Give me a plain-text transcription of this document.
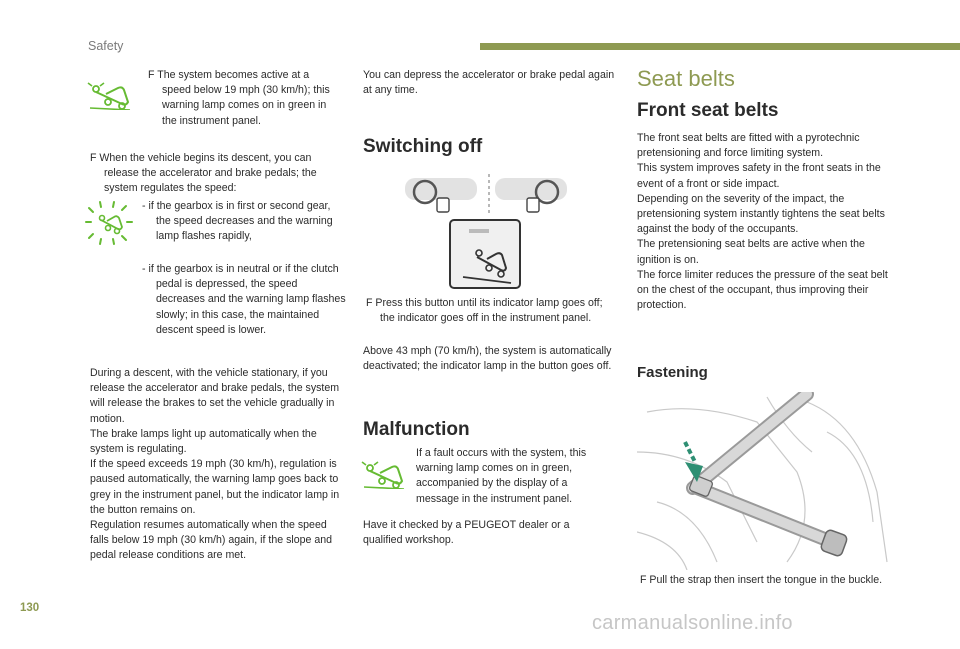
Safety

F The system becomes active at a speed below 19 mph (30 km/h); this warning lamp comes on in green in the instrument panel.

F When the vehicle begins its descent, you can release the accelerator and brake pedals; the system regulates the speed:

- if the gearbox is in first or second gear, the speed decreases and the warning lamp flashes rapidly,

- if the gearbox is in neutral or if the clutch pedal is depressed, the speed decreases and the warning lamp flashes slowly; in this case, the maintained descent speed is lower.

During a descent, with the vehicle stationary, if you release the accelerator and brake pedals, the system will release the brakes to set the vehicle gradually in motion.

The brake lamps light up automatically when the system is regulating.

If the speed exceeds 19 mph (30 km/h), regulation is paused automatically, the warning lamp goes back to grey in the instrument panel, but the indicator lamp in the button remains on.

Regulation resumes automatically when the speed falls below 19 mph (30 km/h) again, if the slope and pedal release conditions are met.

You can depress the accelerator or brake pedal again at any time.

Switching off

F Press this button until its indicator lamp goes off; the indicator goes off in the instrument panel.

Above 43 mph (70 km/h), the system is automatically deactivated; the indicator lamp in the button goes off.

Malfunction

If a fault occurs with the system, this warning lamp comes on in green, accompanied by the display of a message in the instrument panel.

Have it checked by a PEUGEOT dealer or a qualified workshop.

Seat belts
Front seat belts

The front seat belts are fitted with a pyrotechnic pretensioning and force limiting system.

This system improves safety in the front seats in the event of a front or side impact.

Depending on the severity of the impact, the pretensioning system instantly tightens the seat belts against the body of the occupants.

The pretensioning seat belts are active when the ignition is on.

The force limiter reduces the pressure of the seat belt on the chest of the occupant, thus improving their protection.

Fastening

F Pull the strap then insert the tongue in the buckle.

130
carmanualsonline.info
